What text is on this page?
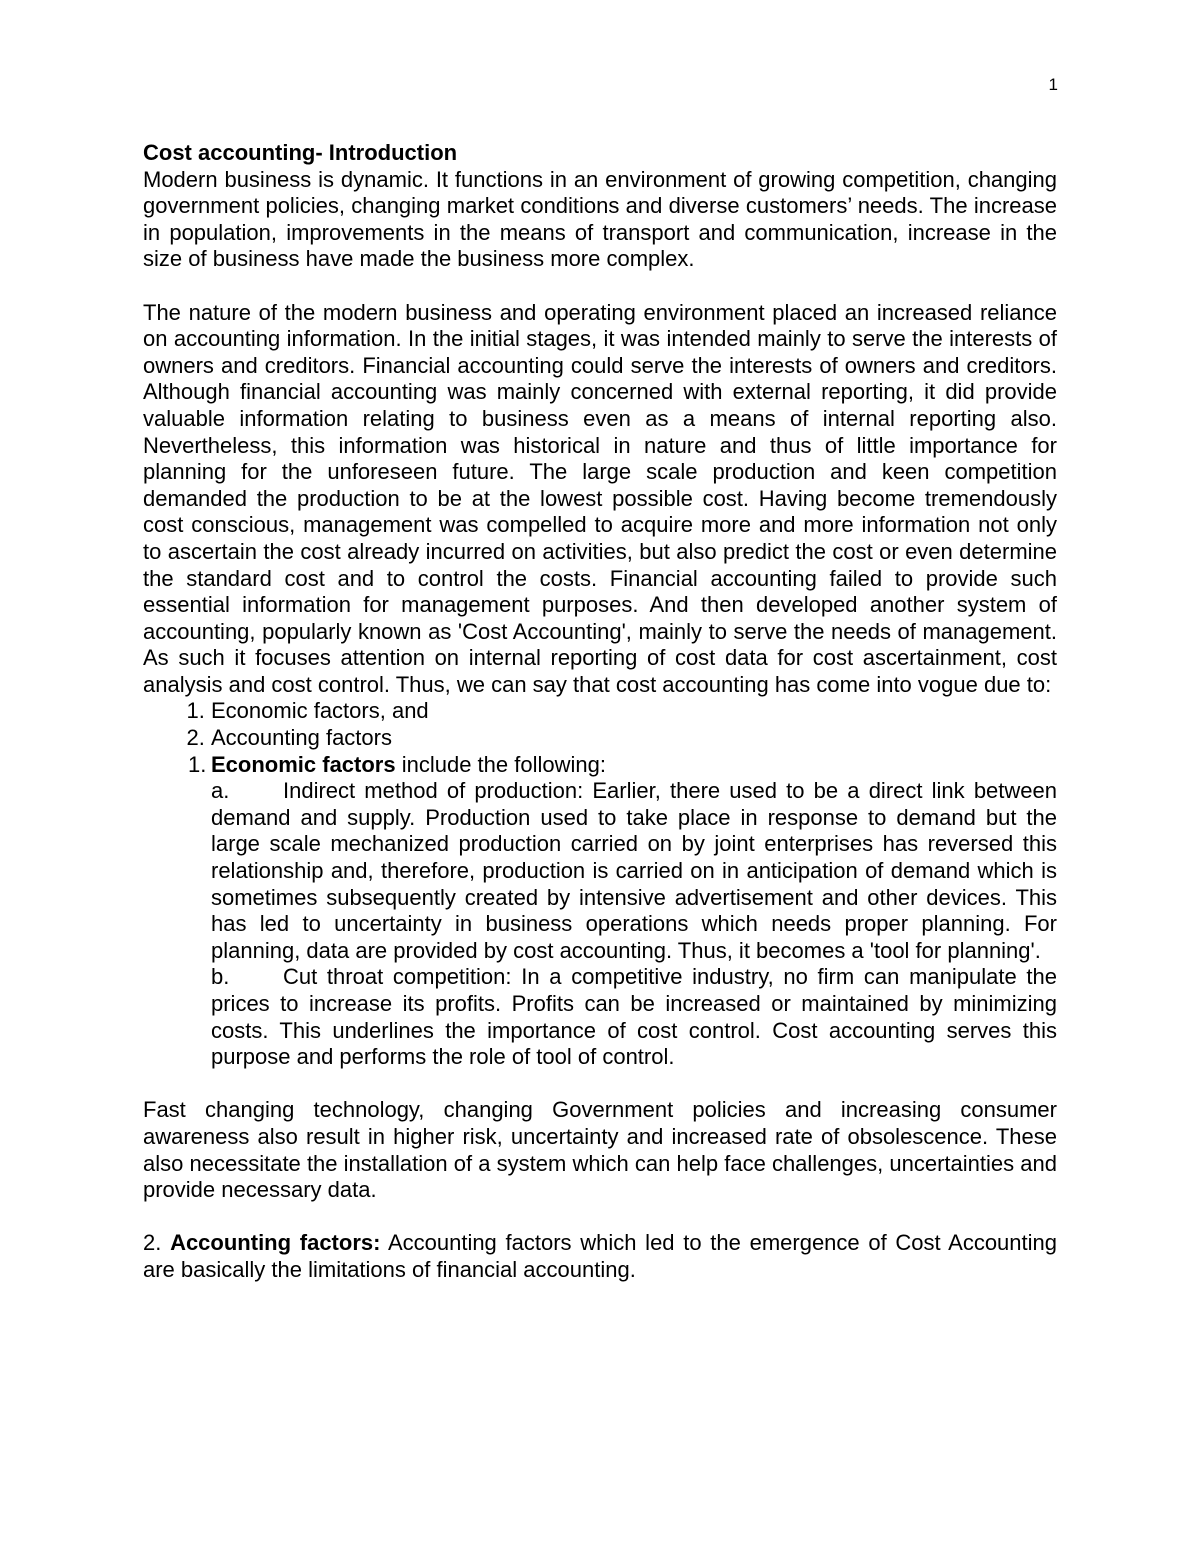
1
Cost accounting- Introduction

Modern business is dynamic. It functions in an environment of growing competition, changing government policies, changing market conditions and diverse customers’ needs. The increase in population, improvements in the means of transport and communication, increase in the size of business have made the business more complex.

The nature of the modern business and operating environment placed an increased reliance on accounting information. In the initial stages, it was intended mainly to serve the interests of owners and creditors. Financial accounting could serve the interests of owners and creditors. Although financial accounting was mainly concerned with external reporting, it did provide valuable information relating to business even as a means of internal reporting also. Nevertheless, this information was historical in nature and thus of little importance for planning for the unforeseen future. The large scale production and keen competition demanded the production to be at the lowest possible cost. Having become tremendously cost conscious, management was compelled to acquire more and more information not only to ascertain the cost already incurred on activities, but also predict the cost or even determine the standard cost and to control the costs. Financial accounting failed to provide such essential information for management purposes. And then developed another system of accounting, popularly known as 'Cost Accounting', mainly to serve the needs of management. As such it focuses attention on internal reporting of cost data for cost ascertainment, cost analysis and cost control. Thus, we can say that cost accounting has come into vogue due to:

1. Economic factors, and
2. Accounting factors
1. Economic factors include the following:

a. Indirect method of production: Earlier, there used to be a direct link between demand and supply. Production used to take place in response to demand but the large scale mechanized production carried on by joint enterprises has reversed this relationship and, therefore, production is carried on in anticipation of demand which is sometimes subsequently created by intensive advertisement and other devices. This has led to uncertainty in business operations which needs proper planning. For planning, data are provided by cost accounting. Thus, it becomes a 'tool for planning'.

b. Cut throat competition: In a competitive industry, no firm can manipulate the prices to increase its profits. Profits can be increased or maintained by minimizing costs. This underlines the importance of cost control. Cost accounting serves this purpose and performs the role of tool of control.

Fast changing technology, changing Government policies and increasing consumer awareness also result in higher risk, uncertainty and increased rate of obsolescence. These also necessitate the installation of a system which can help face challenges, uncertainties and provide necessary data.

2. Accounting factors: Accounting factors which led to the emergence of Cost Accounting are basically the limitations of financial accounting.
